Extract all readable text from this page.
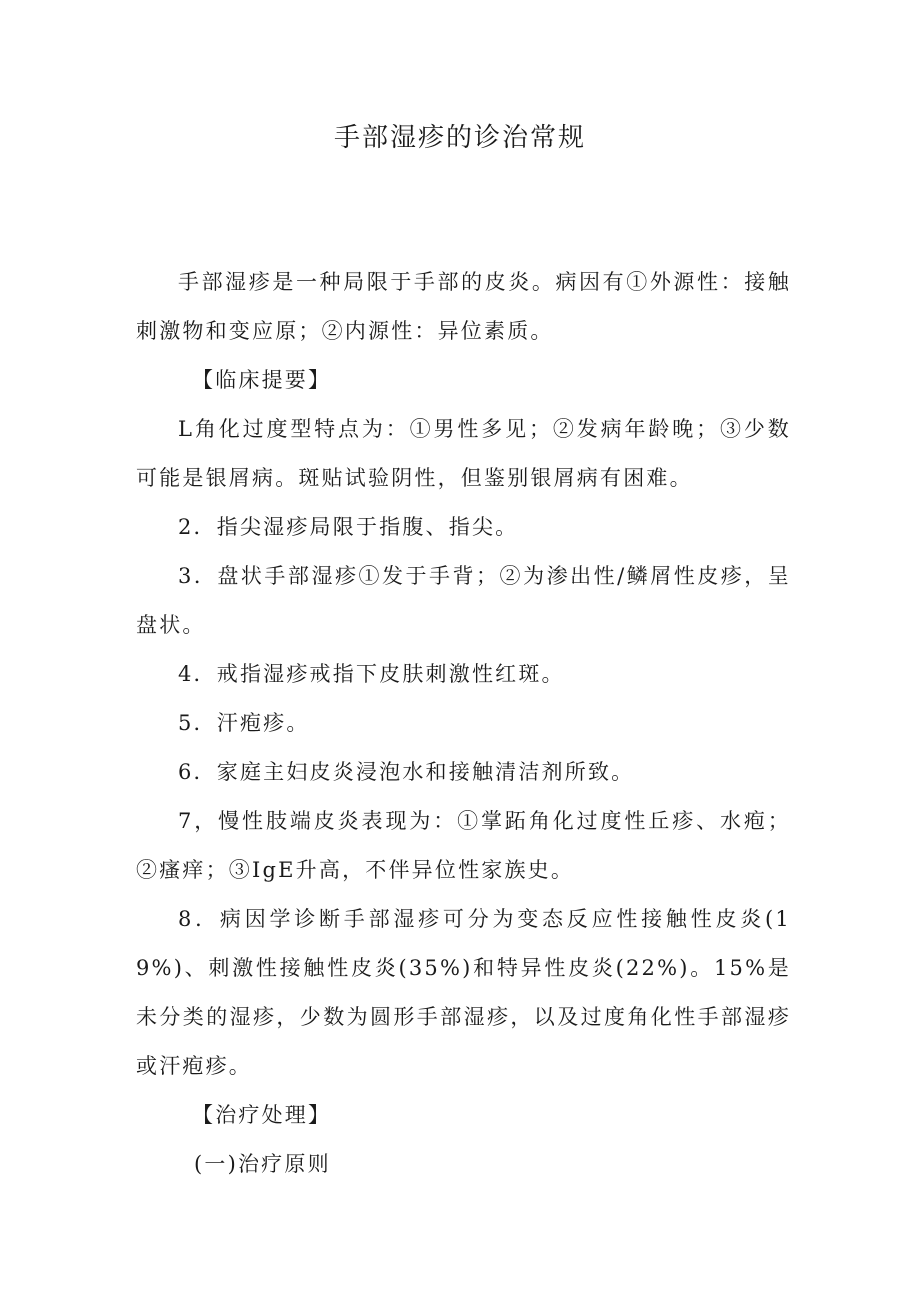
手部湿疹的诊治常规

手部湿疹是一种局限于手部的皮炎。病因有①外源性：接触刺激物和变应原；②内源性：异位素质。

【临床提要】

L角化过度型特点为：①男性多见；②发病年龄晚；③少数可能是银屑病。斑贴试验阴性，但鉴别银屑病有困难。

2．指尖湿疹局限于指腹、指尖。

3．盘状手部湿疹①发于手背；②为渗出性/鳞屑性皮疹，呈盘状。

4．戒指湿疹戒指下皮肤刺激性红斑。

5．汗疱疹。

6．家庭主妇皮炎浸泡水和接触清洁剂所致。

7，慢性肢端皮炎表现为：①掌跖角化过度性丘疹、水疱；②瘙痒；③IgE升高，不伴异位性家族史。

8．病因学诊断手部湿疹可分为变态反应性接触性皮炎(19%)、刺激性接触性皮炎(35%)和特异性皮炎(22%)。15%是未分类的湿疹，少数为圆形手部湿疹，以及过度角化性手部湿疹或汗疱疹。

【治疗处理】

(一)治疗原则
